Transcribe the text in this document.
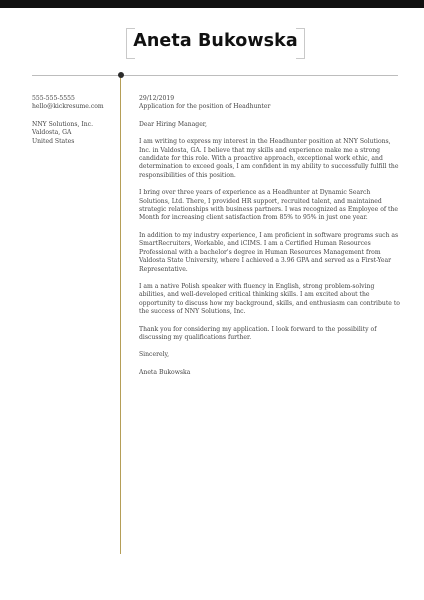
Aneta Bukowska
555-555-5555
hello@kickresume.com
NNY Solutions, Inc.
Valdosta, GA
United States

29/12/2019

Application for the position of Headhunter

Dear Hiring Manager,

I am writing to express my interest in the Headhunter position at NNY Solutions, Inc. in Valdosta, GA. I believe that my skills and experience make me a strong candidate for this role. With a proactive approach, exceptional work ethic, and determination to exceed goals, I am confident in my ability to successfully fulfill the responsibilities of this position.

I bring over three years of experience as a Headhunter at Dynamic Search Solutions, Ltd. There, I provided HR support, recruited talent, and maintained strategic relationships with business partners. I was recognized as Employee of the Month for increasing client satisfaction from 85% to 95% in just one year.

In addition to my industry experience, I am proficient in software programs such as SmartRecruiters, Workable, and iCIMS. I am a Certified Human Resources Professional with a bachelor's degree in Human Resources Management from Valdosta State University, where I achieved a 3.96 GPA and served as a First-Year Representative.

I am a native Polish speaker with fluency in English, strong problem-solving abilities, and well-developed critical thinking skills. I am excited about the opportunity to discuss how my background, skills, and enthusiasm can contribute to the success of NNY Solutions, Inc.

Thank you for considering my application. I look forward to the possibility of discussing my qualifications further.

Sincerely,

Aneta Bukowska
